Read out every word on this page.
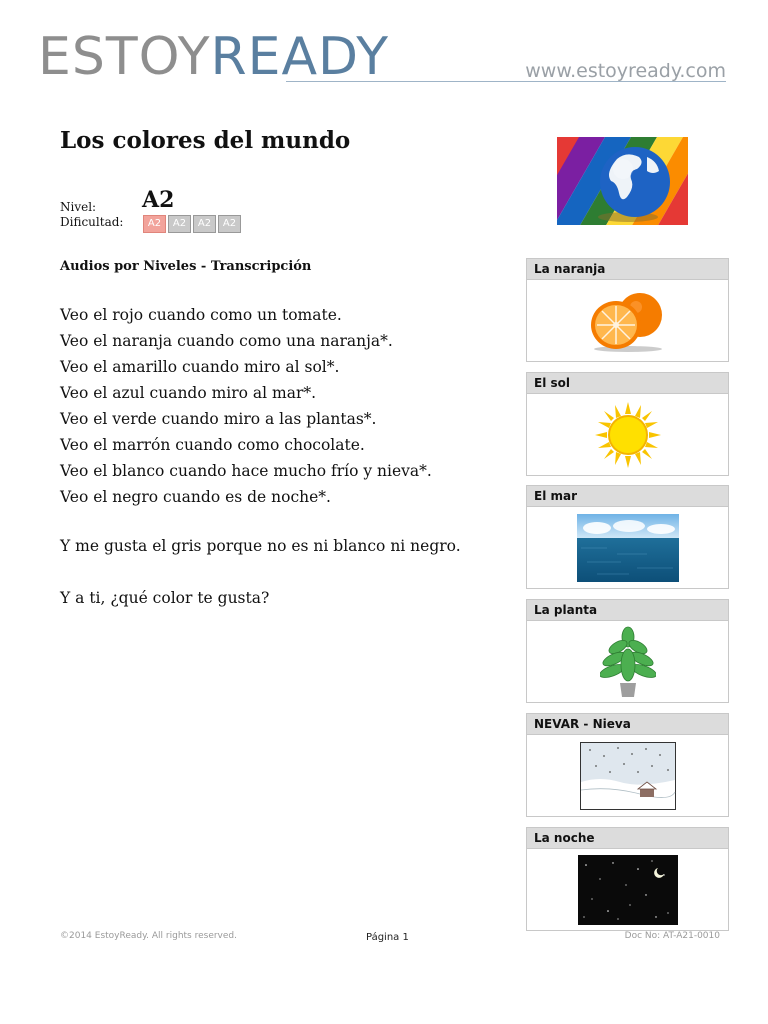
ESTOYREADY	www.estoyready.com
Los colores del mundo
Nivel: A2
Dificultad:	A2	A2	A2	A2
Audios por Niveles - Transcripción
Veo el rojo cuando como un tomate.
Veo el naranja cuando como una naranja*.
Veo el amarillo cuando miro al sol*.
Veo el azul cuando miro al mar*.
Veo el verde cuando miro a las plantas*.
Veo el marrón cuando como chocolate.
Veo el blanco cuando hace mucho frío y nieva*.
Veo el negro cuando es de noche*.
Y me gusta el gris porque no es ni blanco ni negro.
Y a ti, ¿qué color te gusta?
La naranja
El sol
El mar
La planta
NEVAR - Nieva
La noche
©2014 EstoyReady. All rights reserved.	Página 1	Doc No: AT-A21-0010
